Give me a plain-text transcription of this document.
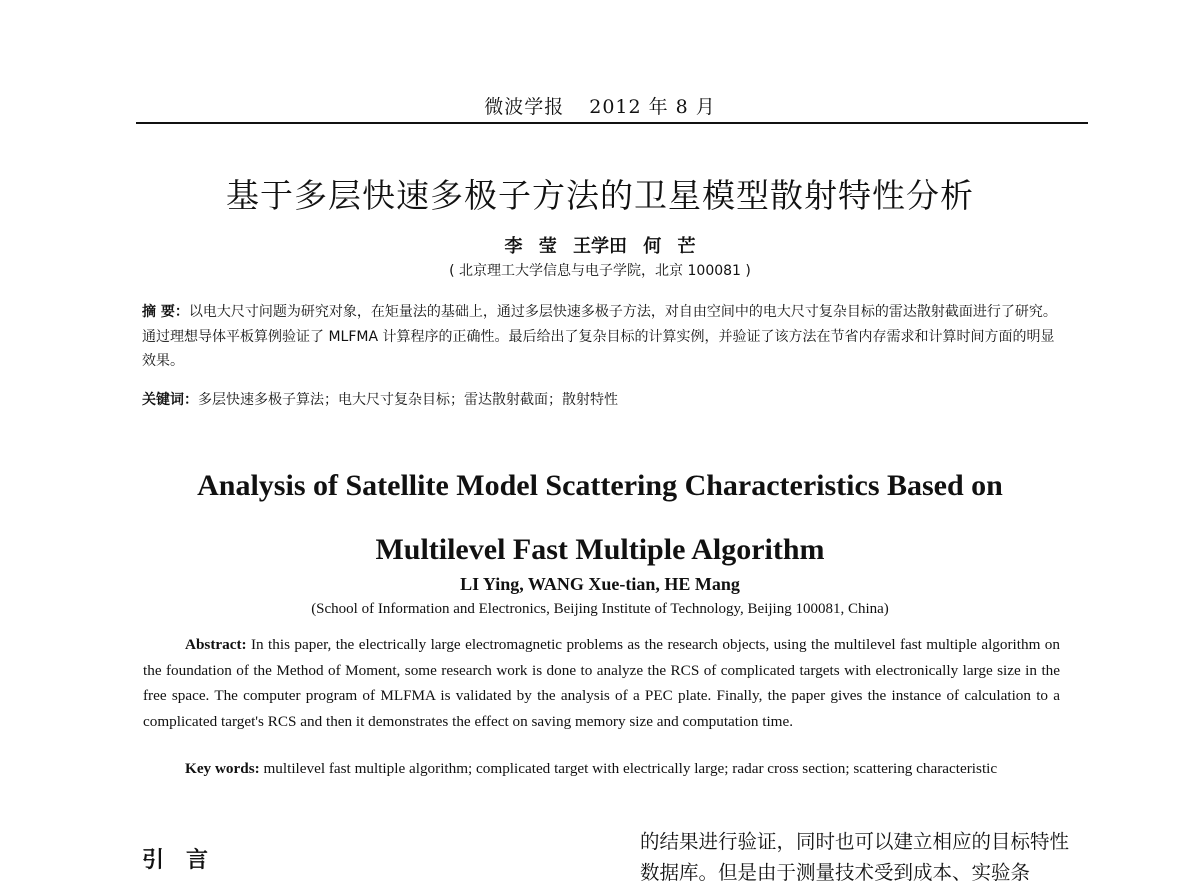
微波学报 2012 年 8 月
基于多层快速多极子方法的卫星模型散射特性分析
李 莹 王学田 何 芒
( 北京理工大学信息与电子学院，北京 100081 )
摘 要：以电大尺寸问题为研究对象，在矩量法的基础上，通过多层快速多极子方法，对自由空间中的电大尺寸复杂目标的雷达散射截面进行了研究。通过理想导体平板算例验证了 MLFMA 计算程序的正确性。最后给出了复杂目标的计算实例，并验证了该方法在节省内存需求和计算时间方面的明显效果。
关键词：多层快速多极子算法；电大尺寸复杂目标；雷达散射截面；散射特性
Analysis of Satellite Model Scattering Characteristics Based on
Multilevel Fast Multiple Algorithm
LI Ying, WANG Xue-tian, HE Mang
(School of Information and Electronics, Beijing Institute of Technology, Beijing 100081, China)
Abstract: In this paper, the electrically large electromagnetic problems as the research objects, using the multilevel fast multiple algorithm on the foundation of the Method of Moment, some research work is done to analyze the RCS of complicated targets with electronically large size in the free space. The computer program of MLFMA is validated by the analysis of a PEC plate. Finally, the paper gives the instance of calculation to a complicated target's RCS and then it demonstrates the effect on saving memory size and computation time.
Key words: multilevel fast multiple algorithm; complicated target with electrically large; radar cross section; scattering characteristic
引言
的结果进行验证，同时也可以建立相应的目标特性数据库。但是由于测量技术受到成本、实验条
